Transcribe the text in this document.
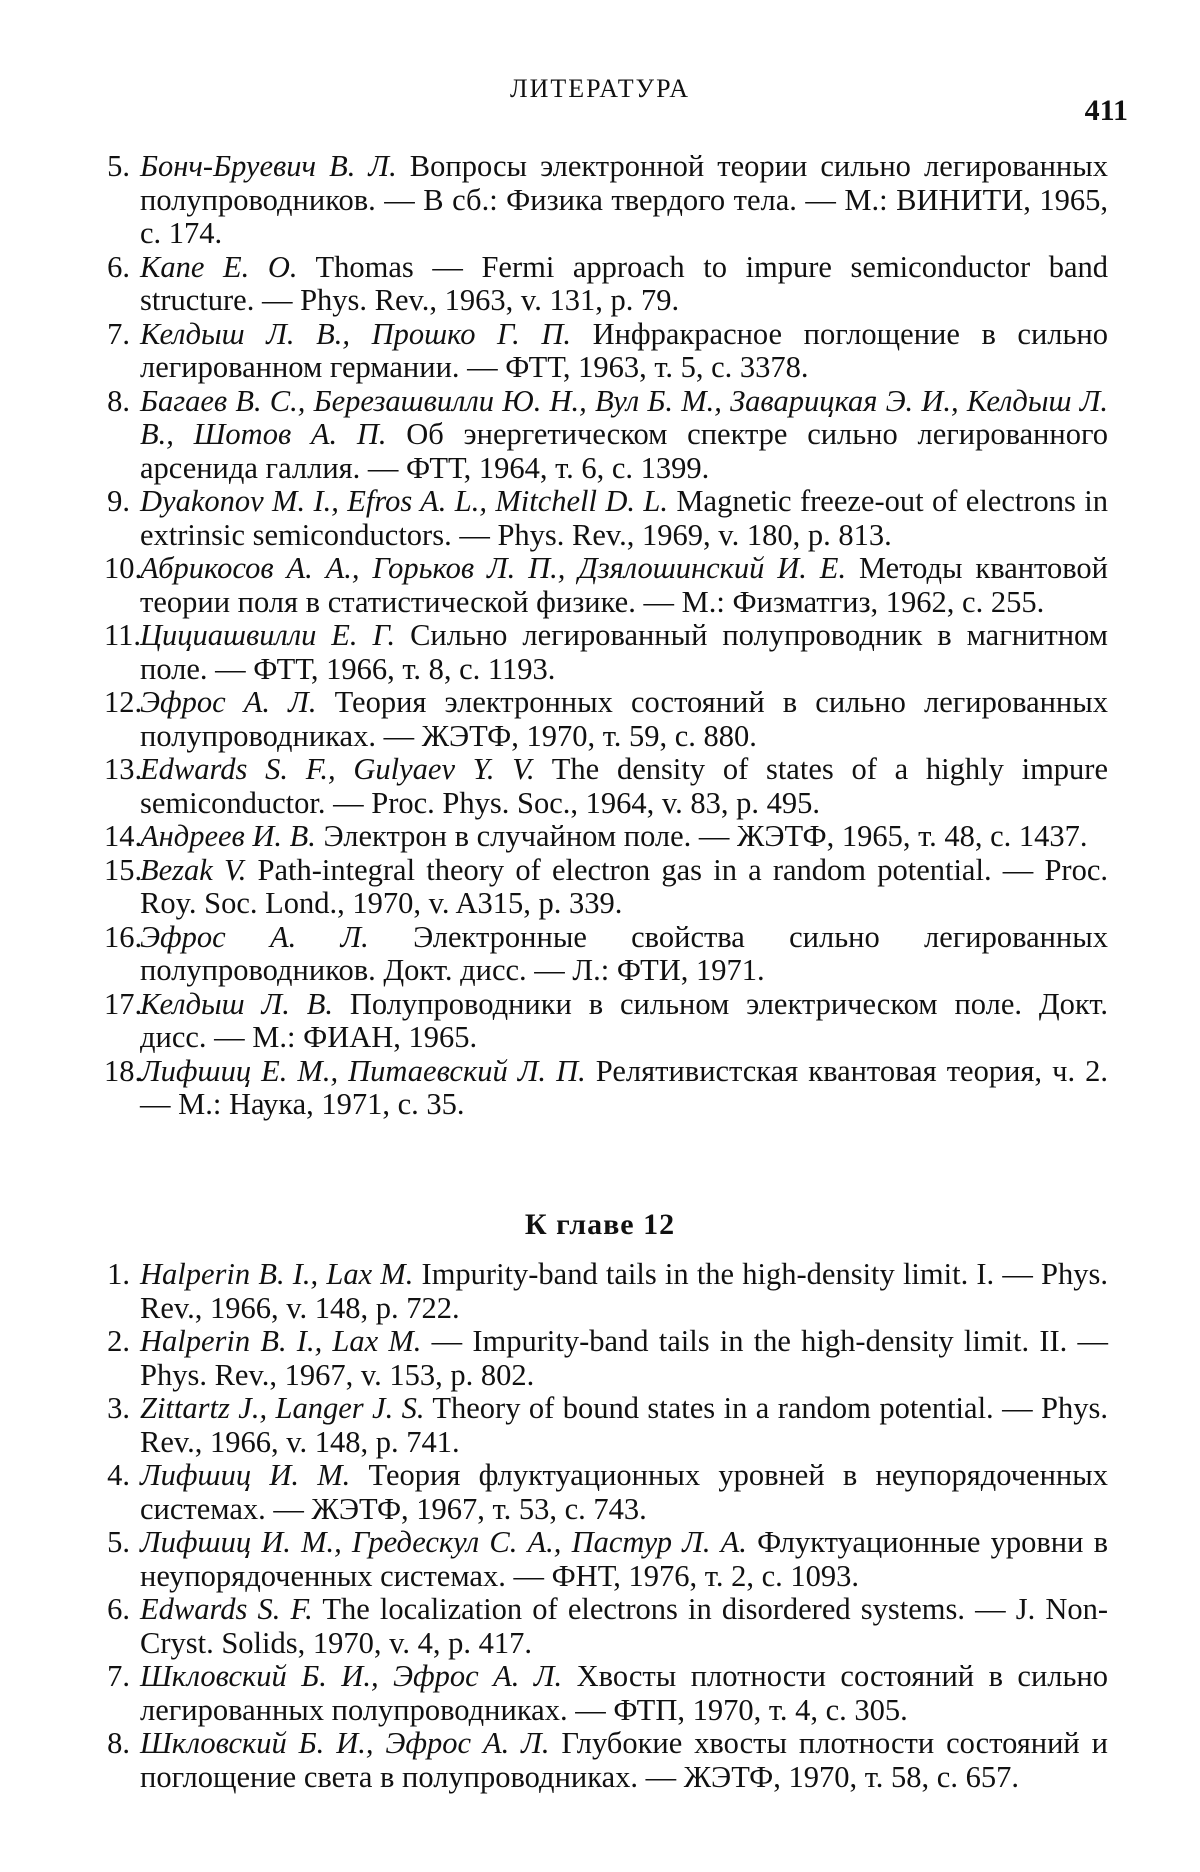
ЛИТЕРАТУРА
411

5. Бонч-Бруевич В. Л. Вопросы электронной теории сильно легированных полупроводников. — В сб.: Физика твердого тела. — М.: ВИНИТИ, 1965, с. 174.

6. Kane E. O. Thomas — Fermi approach to impure semiconductor band structure. — Phys. Rev., 1963, v. 131, p. 79.

7. Келдыш Л. В., Прошко Г. П. Инфракрасное поглощение в сильно легированном германии. — ФТТ, 1963, т. 5, с. 3378.

8. Багаев В. С., Березашвилли Ю. Н., Вул Б. М., Заварицкая Э. И., Келдыш Л. В., Шотов А. П. Об энергетическом спектре сильно легированного арсенида галлия. — ФТТ, 1964, т. 6, с. 1399.

9. Dyakonov M. I., Efros A. L., Mitchell D. L. Magnetic freeze-out of electrons in extrinsic semiconductors. — Phys. Rev., 1969, v. 180, p. 813.

10.
Абрикосов А. А., Горьков Л. П., Дзялошинский И. Е. Методы квантовой теории поля в статистической физике. — М.: Физматгиз, 1962, с. 255.

11. Цициашвилли Е. Г. Сильно легированный полупроводник в магнитном поле. — ФТТ, 1966, т. 8, с. 1193.

12.
Эфрос А. Л. Теория электронных состояний в сильно легированных полупроводниках. — ЖЭТФ, 1970, т. 59, с. 880.

13.
Edwards S. F., Gulyaev Y. V. The density of states of a highly impure semiconductor. — Proc. Phys. Soc., 1964, v. 83, p. 495.

14.
Андреев И. В. Электрон в случайном поле. — ЖЭТФ, 1965, т. 48, с. 1437.

15.
Bezak V. Path-integral theory of electron gas in a random potential. — Proc. Roy. Soc. Lond., 1970, v. A315, p. 339.

16.
Эфрос А. Л. Электронные свойства сильно легированных полупроводников. Докт. дисс. — Л.: ФТИ, 1971.

17.
Келдыш Л. В. Полупроводники в сильном электрическом поле. Докт. дисс. — М.: ФИАН, 1965.

18.
Лифшиц Е. М., Питаевский Л. П. Релятивистская квантовая теория, ч. 2. — М.: Наука, 1971, с. 35.

К главе 12

1. Halperin B. I., Lax M. Impurity-band tails in the high-density limit. I. — Phys. Rev., 1966, v. 148, p. 722.

2. Halperin B. I., Lax M. — Impurity-band tails in the high-density limit. II. — Phys. Rev., 1967, v. 153, p. 802.

3. Zittartz J., Langer J. S. Theory of bound states in a random potential. — Phys. Rev., 1966, v. 148, p. 741.

4. Лифшиц И. М. Теория флуктуационных уровней в неупорядоченных системах. — ЖЭТФ, 1967, т. 53, с. 743.

5. Лифшиц И. М., Гредескул С. А., Пастур Л. А. Флуктуационные уровни в неупорядоченных системах. — ФНТ, 1976, т. 2, с. 1093.

6. Edwards S. F. The localization of electrons in disordered systems. — J. Non-Cryst. Solids, 1970, v. 4, p. 417.

7. Шкловский Б. И., Эфрос А. Л. Хвосты плотности состояний в сильно легированных полупроводниках. — ФТП, 1970, т. 4, с. 305.

8. Шкловский Б. И., Эфрос А. Л. Глубокие хвосты плотности состояний и поглощение света в полупроводниках. — ЖЭТФ, 1970, т. 58, с. 657.
